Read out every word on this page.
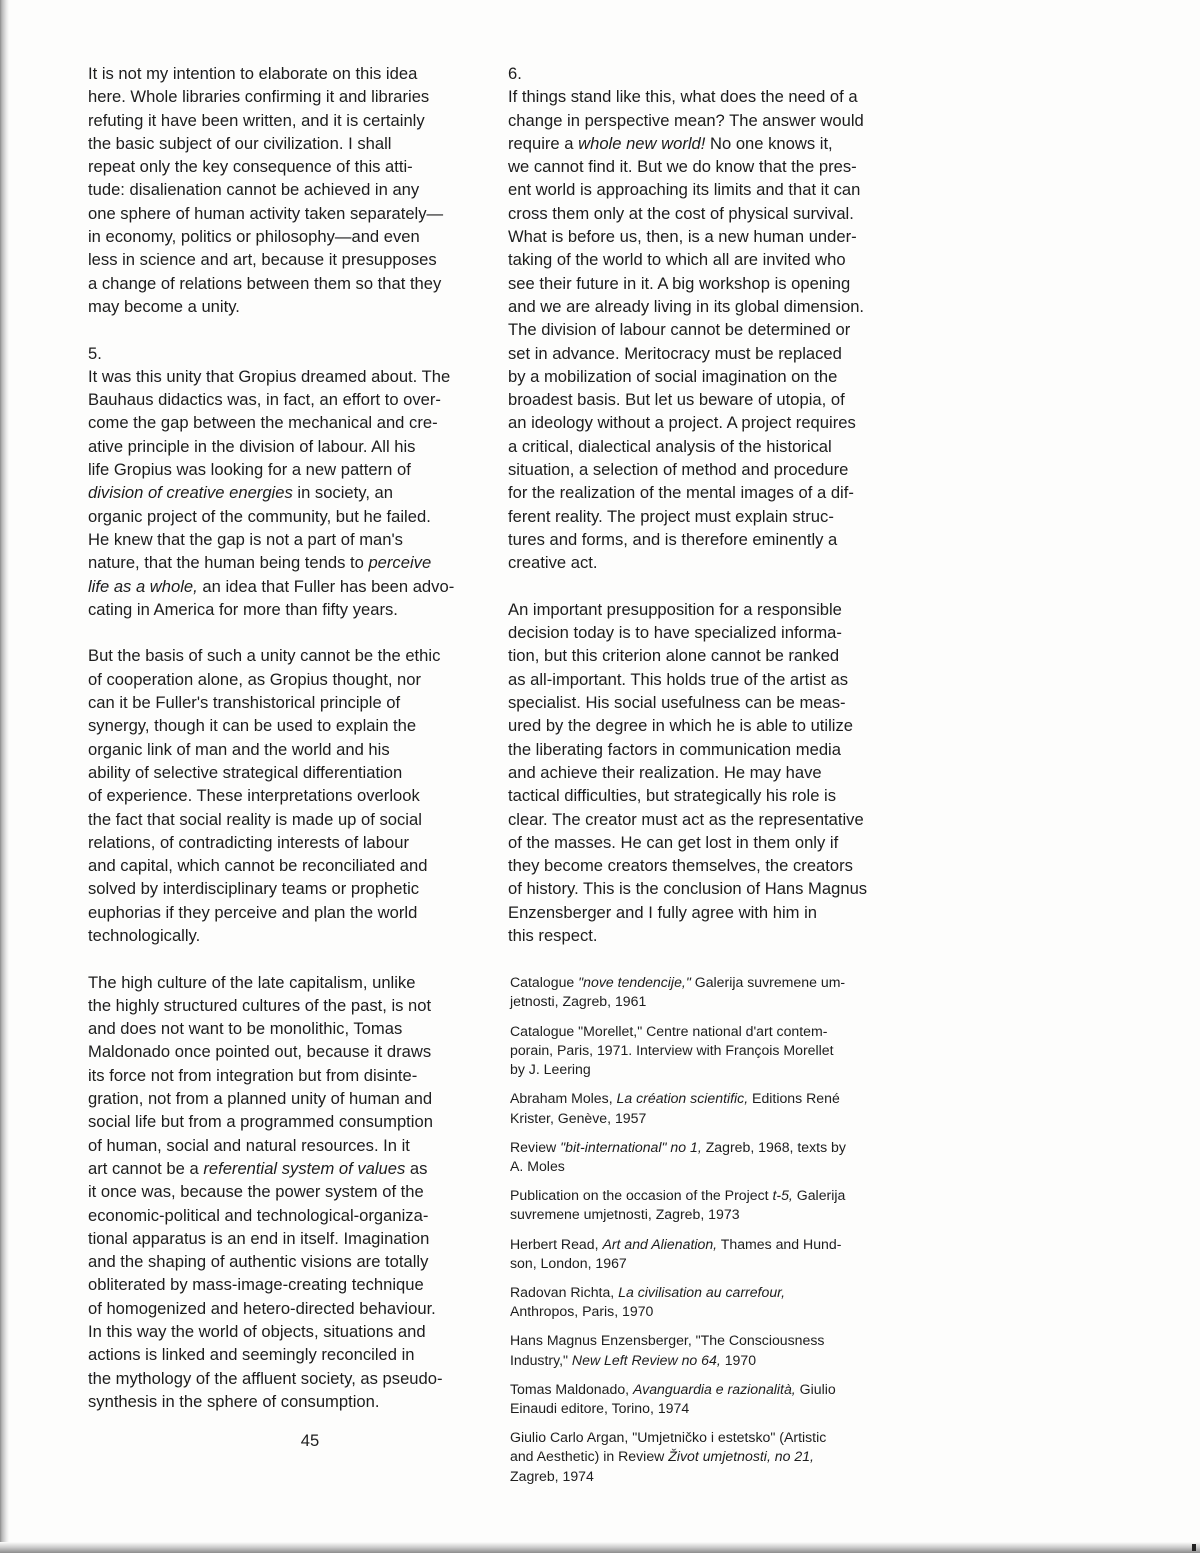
It is not my intention to elaborate on this idea
here. Whole libraries confirming it and libraries
refuting it have been written, and it is certainly
the basic subject of our civilization. I shall
repeat only the key consequence of this atti-
tude: disalienation cannot be achieved in any
one sphere of human activity taken separately—
in economy, politics or philosophy—and even
less in science and art, because it presupposes
a change of relations between them so that they
may become a unity.

5.

It was this unity that Gropius dreamed about. The
Bauhaus didactics was, in fact, an effort to over-
come the gap between the mechanical and cre-
ative principle in the division of labour. All his
life Gropius was looking for a new pattern of
division of creative energies in society, an
organic project of the community, but he failed.
He knew that the gap is not a part of man's
nature, that the human being tends to perceive
life as a whole, an idea that Fuller has been advo-
cating in America for more than fifty years.

But the basis of such a unity cannot be the ethic
of cooperation alone, as Gropius thought, nor
can it be Fuller's transhistorical principle of
synergy, though it can be used to explain the
organic link of man and the world and his
ability of selective strategical differentiation
of experience. These interpretations overlook
the fact that social reality is made up of social
relations, of contradicting interests of labour
and capital, which cannot be reconciliated and
solved by interdisciplinary teams or prophetic
euphorias if they perceive and plan the world
technologically.

The high culture of the late capitalism, unlike
the highly structured cultures of the past, is not
and does not want to be monolithic, Tomas
Maldonado once pointed out, because it draws
its force not from integration but from disinte-
gration, not from a planned unity of human and
social life but from a programmed consumption
of human, social and natural resources. In it
art cannot be a referential system of values as
it once was, because the power system of the
economic-political and technological-organiza-
tional apparatus is an end in itself. Imagination
and the shaping of authentic visions are totally
obliterated by mass-image-creating technique
of homogenized and hetero-directed behaviour.
In this way the world of objects, situations and
actions is linked and seemingly reconciled in
the mythology of the affluent society, as pseudo-
synthesis in the sphere of consumption.

6.

If things stand like this, what does the need of a
change in perspective mean? The answer would
require a whole new world! No one knows it,
we cannot find it. But we do know that the pres-
ent world is approaching its limits and that it can
cross them only at the cost of physical survival.
What is before us, then, is a new human under-
taking of the world to which all are invited who
see their future in it. A big workshop is opening
and we are already living in its global dimension.
The division of labour cannot be determined or
set in advance. Meritocracy must be replaced
by a mobilization of social imagination on the
broadest basis. But let us beware of utopia, of
an ideology without a project. A project requires
a critical, dialectical analysis of the historical
situation, a selection of method and procedure
for the realization of the mental images of a dif-
ferent reality. The project must explain struc-
tures and forms, and is therefore eminently a
creative act.

An important presupposition for a responsible
decision today is to have specialized informa-
tion, but this criterion alone cannot be ranked
as all-important. This holds true of the artist as
specialist. His social usefulness can be meas-
ured by the degree in which he is able to utilize
the liberating factors in communication media
and achieve their realization. He may have
tactical difficulties, but strategically his role is
clear. The creator must act as the representative
of the masses. He can get lost in them only if
they become creators themselves, the creators
of history. This is the conclusion of Hans Magnus
Enzensberger and I fully agree with him in
this respect.

Catalogue "nove tendencije," Galerija suvremene um-
jetnosti, Zagreb, 1961

Catalogue "Morellet," Centre national d'art contem-
porain, Paris, 1971. Interview with François Morellet
by J. Leering

Abraham Moles, La création scientific, Editions René
Krister, Genève, 1957

Review "bit-international" no 1, Zagreb, 1968, texts by
A. Moles

Publication on the occasion of the Project t-5, Galerija
suvremene umjetnosti, Zagreb, 1973

Herbert Read, Art and Alienation, Thames and Hund-
son, London, 1967

Radovan Richta, La civilisation au carrefour,
Anthropos, Paris, 1970

Hans Magnus Enzensberger, "The Consciousness
Industry," New Left Review no 64, 1970

Tomas Maldonado, Avanguardia e razionalità, Giulio
Einaudi editore, Torino, 1974

Giulio Carlo Argan, "Umjetničko i estetsko" (Artistic
and Aesthetic) in Review Život umjetnosti, no 21,
Zagreb, 1974

45
